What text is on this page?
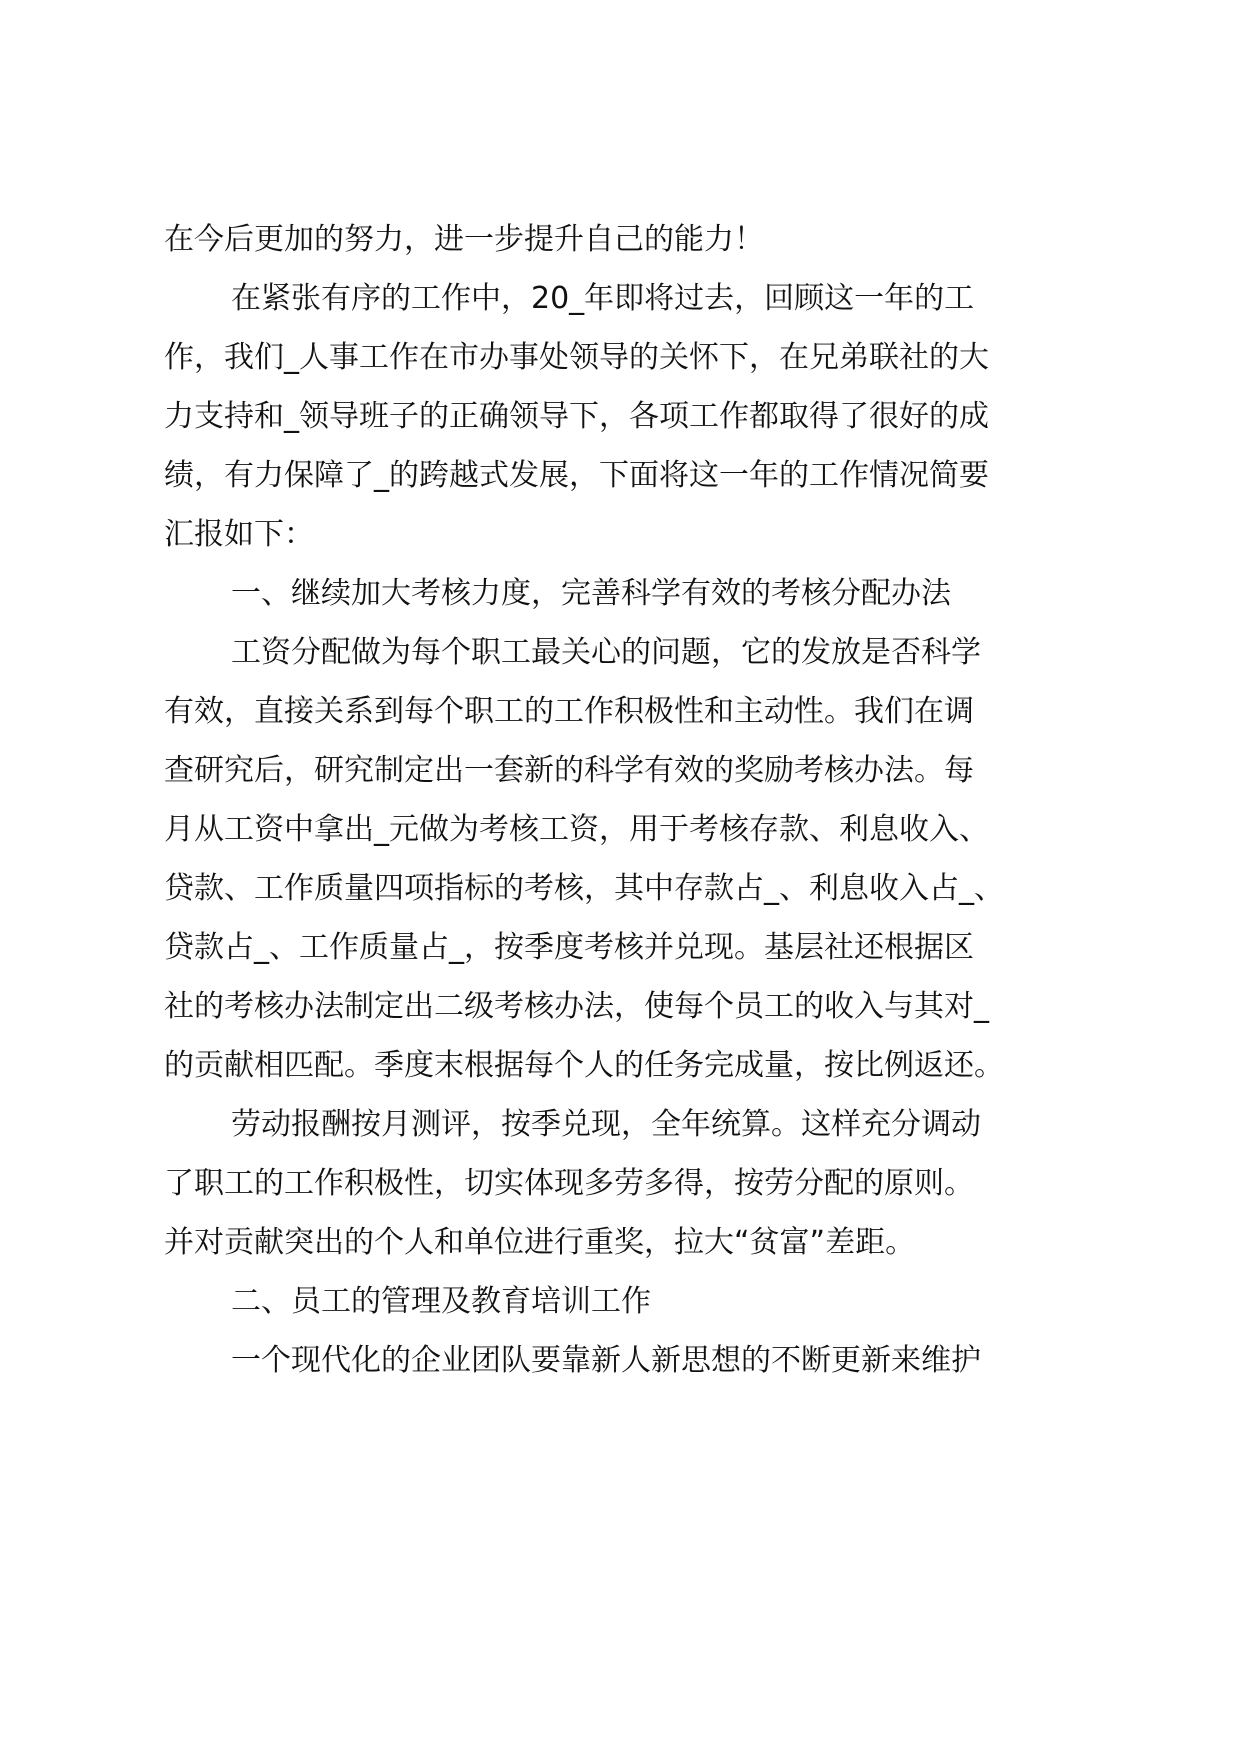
在今后更加的努力，进一步提升自己的能力！
在紧张有序的工作中，20_年即将过去，回顾这一年的工
作，我们_人事工作在市办事处领导的关怀下，在兄弟联社的大
力支持和_领导班子的正确领导下，各项工作都取得了很好的成
绩，有力保障了_的跨越式发展，下面将这一年的工作情况简要
汇报如下：
一、继续加大考核力度，完善科学有效的考核分配办法
工资分配做为每个职工最关心的问题，它的发放是否科学
有效，直接关系到每个职工的工作积极性和主动性。我们在调
查研究后，研究制定出一套新的科学有效的奖励考核办法。每
月从工资中拿出_元做为考核工资，用于考核存款、利息收入、
贷款、工作质量四项指标的考核，其中存款占_、利息收入占_、
贷款占_、工作质量占_，按季度考核并兑现。基层社还根据区
社的考核办法制定出二级考核办法，使每个员工的收入与其对_
的贡献相匹配。季度末根据每个人的任务完成量，按比例返还。
劳动报酬按月测评，按季兑现，全年统算。这样充分调动
了职工的工作积极性，切实体现多劳多得，按劳分配的原则。
并对贡献突出的个人和单位进行重奖，拉大“贫富”差距。
二、员工的管理及教育培训工作
一个现代化的企业团队要靠新人新思想的不断更新来维护
